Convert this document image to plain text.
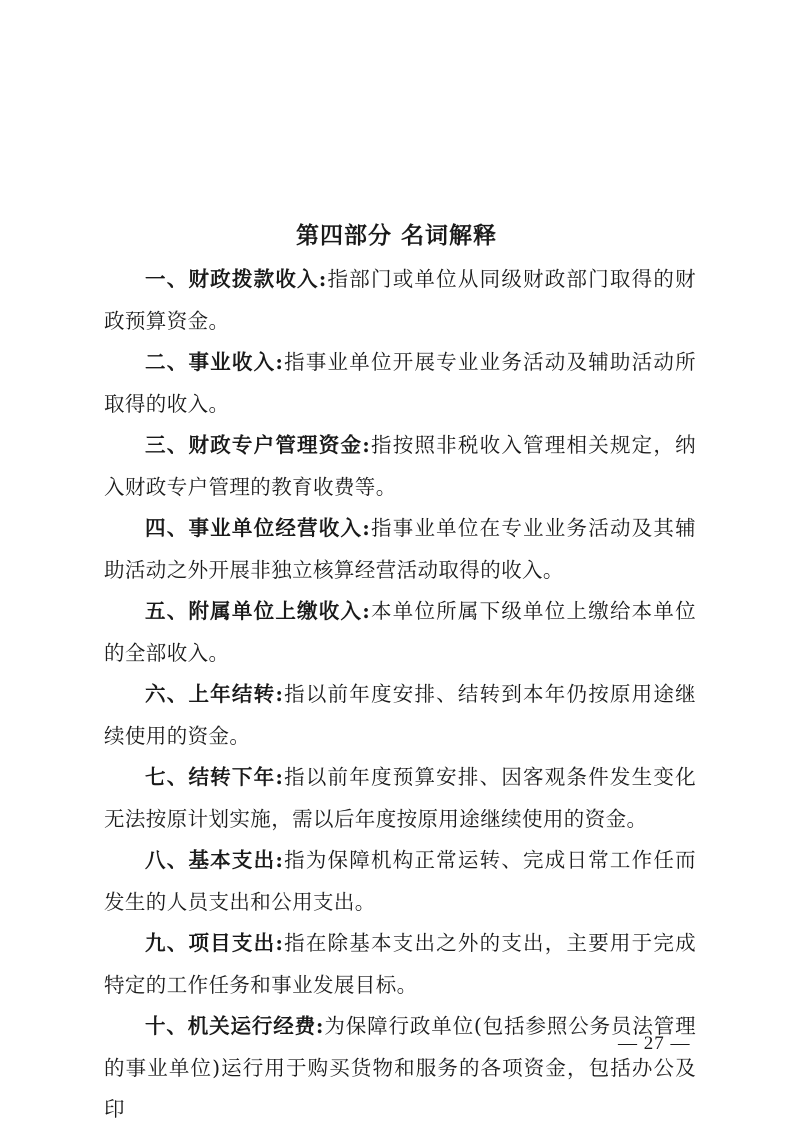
第四部分 名词解释

一、财政拨款收入:指部门或单位从同级财政部门取得的财政预算资金。

二、事业收入:指事业单位开展专业业务活动及辅助活动所取得的收入。

三、财政专户管理资金:指按照非税收入管理相关规定，纳入财政专户管理的教育收费等。

四、事业单位经营收入:指事业单位在专业业务活动及其辅助活动之外开展非独立核算经营活动取得的收入。

五、附属单位上缴收入:本单位所属下级单位上缴给本单位的全部收入。

六、上年结转:指以前年度安排、结转到本年仍按原用途继续使用的资金。

七、结转下年:指以前年度预算安排、因客观条件发生变化无法按原计划实施，需以后年度按原用途继续使用的资金。

八、基本支出:指为保障机构正常运转、完成日常工作任而发生的人员支出和公用支出。

九、项目支出:指在除基本支出之外的支出，主要用于完成特定的工作任务和事业发展目标。

十、机关运行经费:为保障行政单位(包括参照公务员法管理的事业单位)运行用于购买货物和服务的各项资金，包括办公及印

— 27 —
